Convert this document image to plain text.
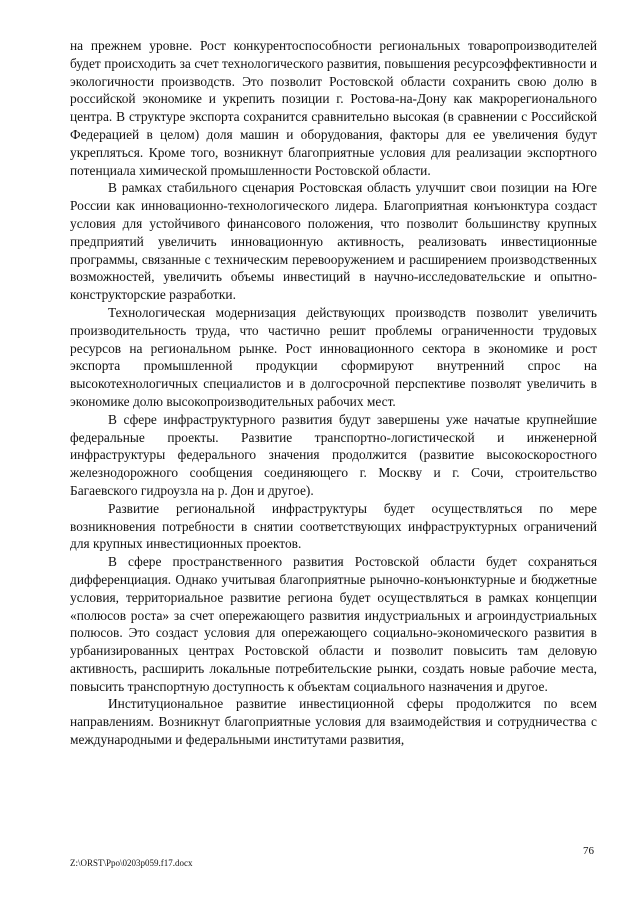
на прежнем уровне. Рост конкурентоспособности региональных товаропроизводителей будет происходить за счет технологического развития, повышения ресурсоэффективности и экологичности производств. Это позволит Ростовской области сохранить свою долю в российской экономике и укрепить позиции г. Ростова-на-Дону как макрорегионального центра. В структуре экспорта сохранится сравнительно высокая (в сравнении с Российской Федерацией в целом) доля машин и оборудования, факторы для ее увеличения будут укрепляться. Кроме того, возникнут благоприятные условия для реализации экспортного потенциала химической промышленности Ростовской области.

В рамках стабильного сценария Ростовская область улучшит свои позиции на Юге России как инновационно-технологического лидера. Благоприятная конъюнктура создаст условия для устойчивого финансового положения, что позволит большинству крупных предприятий увеличить инновационную активность, реализовать инвестиционные программы, связанные с техническим перевооружением и расширением производственных возможностей, увеличить объемы инвестиций в научно-исследовательские и опытно-конструкторские разработки.

Технологическая модернизация действующих производств позволит увеличить производительность труда, что частично решит проблемы ограниченности трудовых ресурсов на региональном рынке. Рост инновационного сектора в экономике и рост экспорта промышленной продукции сформируют внутренний спрос на высокотехнологичных специалистов и в долгосрочной перспективе позволят увеличить в экономике долю высокопроизводительных рабочих мест.

В сфере инфраструктурного развития будут завершены уже начатые крупнейшие федеральные проекты. Развитие транспортно-логистической и инженерной инфраструктуры федерального значения продолжится (развитие высокоскоростного железнодорожного сообщения соединяющего г. Москву и г. Сочи, строительство Багаевского гидроузла на р. Дон и другое).

Развитие региональной инфраструктуры будет осуществляться по мере возникновения потребности в снятии соответствующих инфраструктурных ограничений для крупных инвестиционных проектов.

В сфере пространственного развития Ростовской области будет сохраняться дифференциация. Однако учитывая благоприятные рыночно-конъюнктурные и бюджетные условия, территориальное развитие региона будет осуществляться в рамках концепции «полюсов роста» за счет опережающего развития индустриальных и агроиндустриальных полюсов. Это создаст условия для опережающего социально-экономического развития в урбанизированных центрах Ростовской области и позволит повысить там деловую активность, расширить локальные потребительские рынки, создать новые рабочие места, повысить транспортную доступность к объектам социального назначения и другое.

Институциональное развитие инвестиционной сферы продолжится по всем направлениям. Возникнут благоприятные условия для взаимодействия и сотрудничества с международными и федеральными институтами развития,

76
Z:\ORST\Ppo\0203p059.f17.docx
